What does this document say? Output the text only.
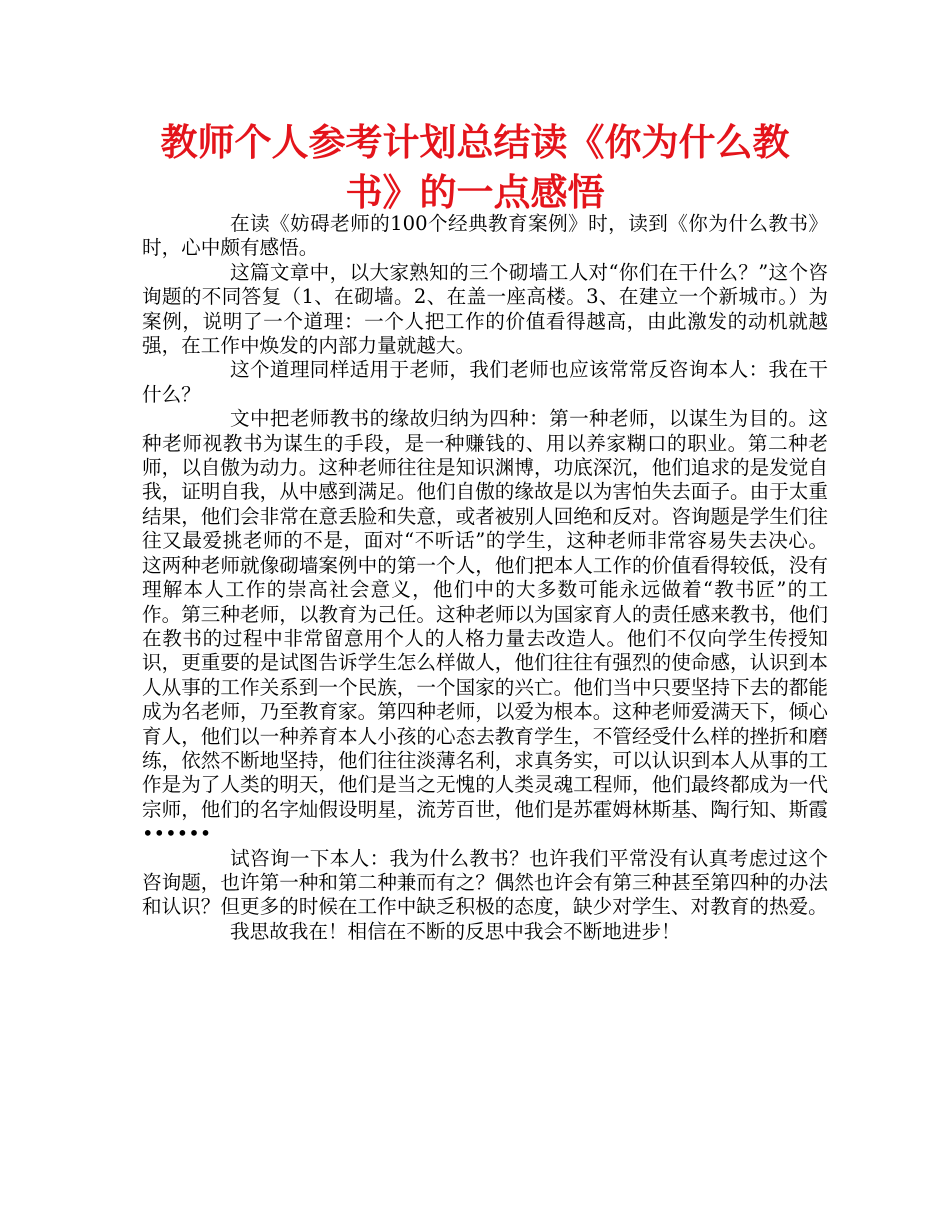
教师个人参考计划总结读《你为什么教书》的一点感悟

在读《妨碍老师的100个经典教育案例》时，读到《你为什么教书》时，心中颇有感悟。

这篇文章中，以大家熟知的三个砌墙工人对“你们在干什么？”这个咨询题的不同答复（1、在砌墙。2、在盖一座高楼。3、在建立一个新城市。）为案例，说明了一个道理：一个人把工作的价值看得越高，由此激发的动机就越强，在工作中焕发的内部力量就越大。

这个道理同样适用于老师，我们老师也应该常常反咨询本人：我在干什么？

文中把老师教书的缘故归纳为四种：第一种老师，以谋生为目的。这种老师视教书为谋生的手段，是一种赚钱的、用以养家糊口的职业。第二种老师，以自傲为动力。这种老师往往是知识渊博，功底深沉，他们追求的是发觉自我，证明自我，从中感到满足。他们自傲的缘故是以为害怕失去面子。由于太重结果，他们会非常在意丢脸和失意，或者被别人回绝和反对。咨询题是学生们往往又最爱挑老师的不是，面对“不听话”的学生，这种老师非常容易失去决心。这两种老师就像砌墙案例中的第一个人，他们把本人工作的价值看得较低，没有理解本人工作的崇高社会意义，他们中的大多数可能永远做着“教书匠”的工作。第三种老师，以教育为己任。这种老师以为国家育人的责任感来教书，他们在教书的过程中非常留意用个人的人格力量去改造人。他们不仅向学生传授知识，更重要的是试图告诉学生怎么样做人，他们往往有强烈的使命感，认识到本人从事的工作关系到一个民族，一个国家的兴亡。他们当中只要坚持下去的都能成为名老师，乃至教育家。第四种老师，以爱为根本。这种老师爱满天下，倾心育人，他们以一种养育本人小孩的心态去教育学生，不管经受什么样的挫折和磨练，依然不断地坚持，他们往往淡薄名利，求真务实，可以认识到本人从事的工作是为了人类的明天，他们是当之无愧的人类灵魂工程师，他们最终都成为一代宗师，他们的名字灿假设明星，流芳百世，他们是苏霍姆林斯基、陶行知、斯霞••••••

试咨询一下本人：我为什么教书？也许我们平常没有认真考虑过这个咨询题，也许第一种和第二种兼而有之？偶然也许会有第三种甚至第四种的办法和认识？但更多的时候在工作中缺乏积极的态度，缺少对学生、对教育的热爱。

我思故我在！相信在不断的反思中我会不断地进步！
